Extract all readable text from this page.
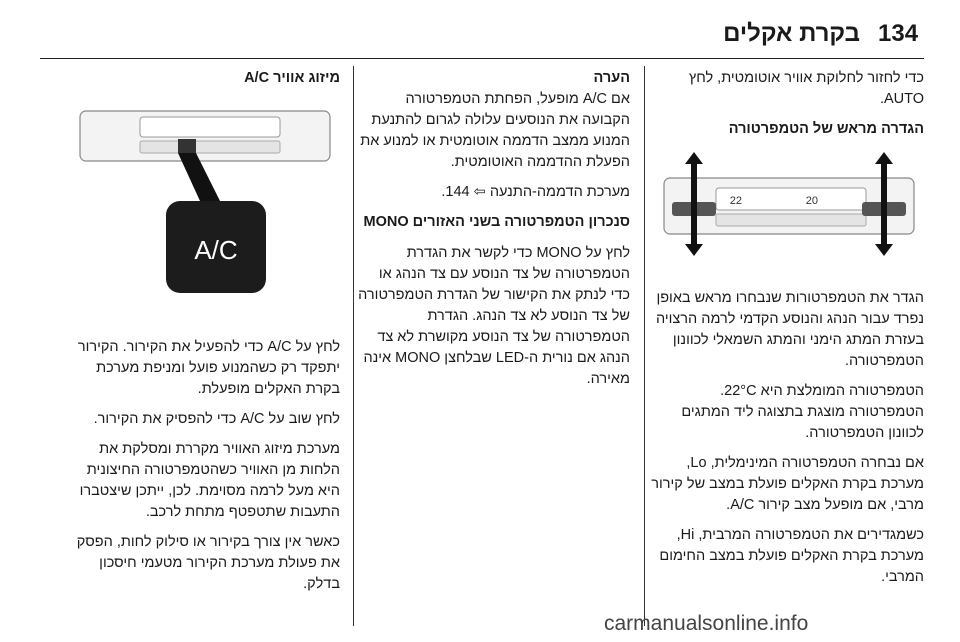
134
בקרת אקלים

כדי לחזור לחלוקת אוויר אוטומטית, לחץ AUTO.

הגדרה מראש של הטמפרטורה
22	20

הגדר את הטמפרטורות שנבחרו מראש באופן נפרד עבור הנהג והנוסע הקדמי לרמה הרצויה בעזרת המתג הימני והמתג השמאלי לכוונון הטמפרטורה.

הטמפרטורה המומלצת היא ‎22°C‎. הטמפרטורה מוצגת בתצוגה ליד המתגים לכוונון הטמפרטורה.

אם נבחרה הטמפרטורה המינימלית, Lo, מערכת בקרת האקלים פועלת במצב של קירור מרבי, אם מופעל מצב קירור A/C.

כשמגדירים את הטמפרטורה המרבית, Hi, מערכת בקרת האקלים פועלת במצב החימום המרבי.

הערה

אם A/C מופעל, הפחתת הטמפרטורה הקבועה את הנוסעים עלולה לגרום להתנעת המנוע ממצב הדממה אוטומטית או למנוע את הפעלת ההדממה האוטומטית.

מערכת הדממה-התנעה ⇦ 144.

סנכרון הטמפרטורה בשני האזורים MONO

לחץ על MONO כדי לקשר את הגדרת הטמפרטורה של צד הנוסע עם צד הנהג או כדי לנתק את הקישור של הגדרת הטמפרטורה של צד הנוסע לא צד הנהג. הגדרת הטמפרטורה של צד הנוסע מקושרת לא צד הנהג אם נורית ה-LED שבלחצן MONO אינה מאירה.

מיזוג אוויר A/C
A/C

לחץ על A/C כדי להפעיל את הקירור. הקירור יתפקד רק כשהמנוע פועל ומניפת מערכת בקרת האקלים מופעלת.

לחץ שוב על A/C כדי להפסיק את הקירור.

מערכת מיזוג האוויר מקררת ומסלקת את הלחות מן האוויר כשהטמפרטורה החיצונית היא מעל לרמה מסוימת. לכן, ייתכן שיצטברו התעבות שתטפטף מתחת לרכב.

כאשר אין צורך בקירור או סילוק לחות, הפסק את פעולת מערכת הקירור מטעמי חיסכון בדלק.

carmanualsonline.info
